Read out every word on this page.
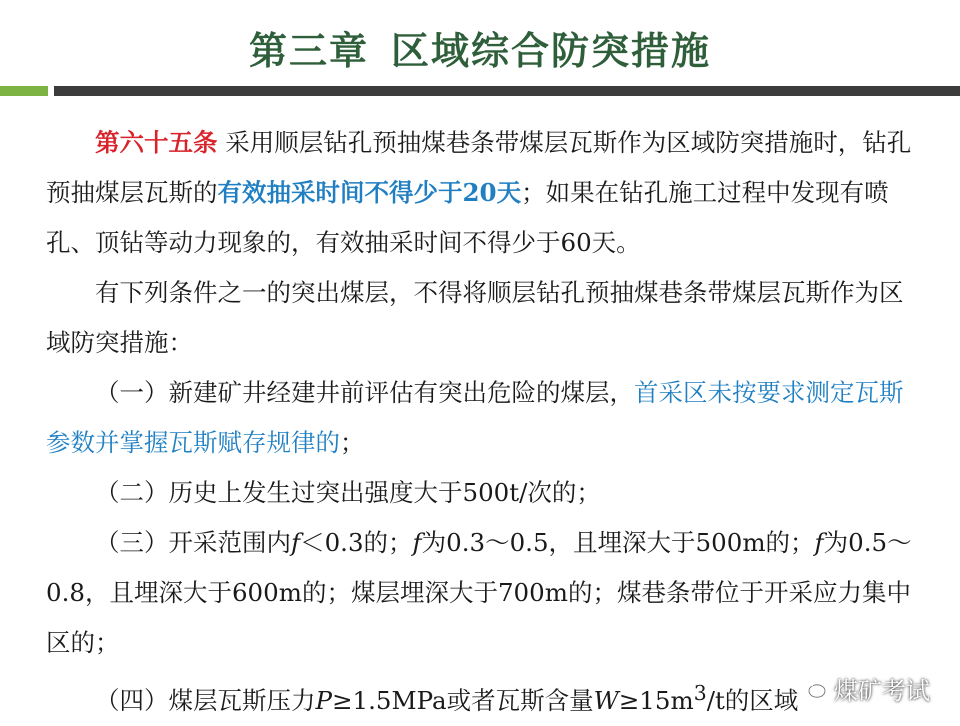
第三章 区域综合防突措施

第六十五条 采用顺层钻孔预抽煤巷条带煤层瓦斯作为区域防突措施时，钻孔预抽煤层瓦斯的有效抽采时间不得少于20天；如果在钻孔施工过程中发现有喷孔、顶钻等动力现象的，有效抽采时间不得少于60天。

有下列条件之一的突出煤层，不得将顺层钻孔预抽煤巷条带煤层瓦斯作为区域防突措施：

（一）新建矿井经建井前评估有突出危险的煤层，首采区未按要求测定瓦斯参数并掌握瓦斯赋存规律的；

（二）历史上发生过突出强度大于500t/次的；

（三）开采范围内f＜0.3的；f为0.3～0.5，且埋深大于500m的；f为0.5～0.8，且埋深大于600m的；煤层埋深大于700m的；煤巷条带位于开采应力集中区的；

（四）煤层瓦斯压力P≥1.5MPa或者瓦斯含量$W\ge 15m^3/t$的区域	煤矿考试
